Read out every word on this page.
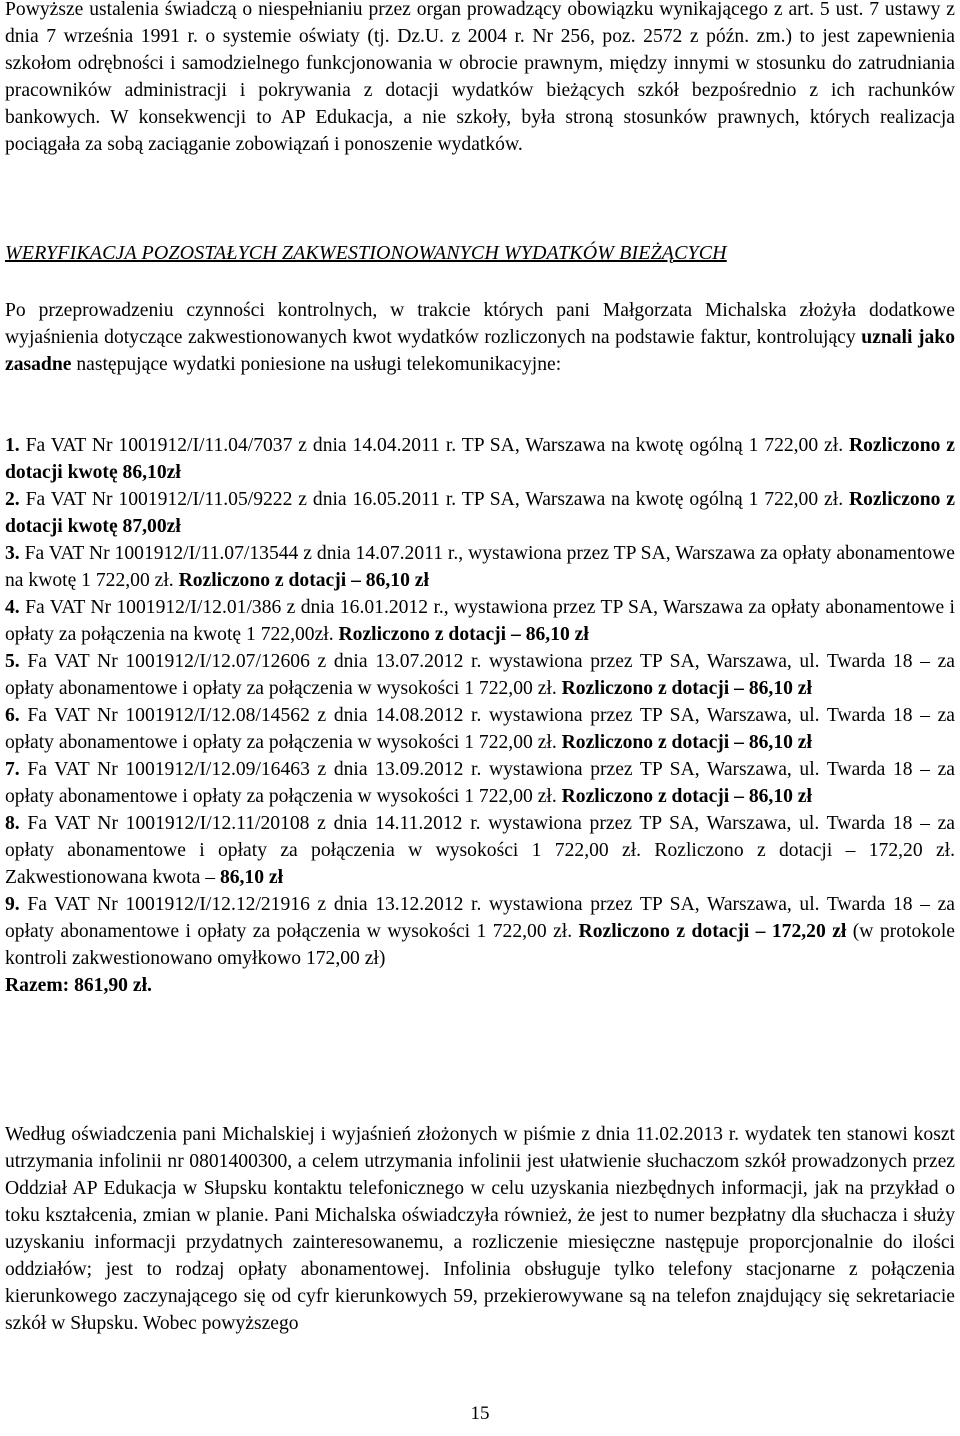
Powyższe ustalenia świadczą o niespełnianiu przez organ prowadzący obowiązku wynikającego z art. 5 ust. 7 ustawy z dnia 7 września 1991 r. o systemie oświaty (tj. Dz.U. z 2004 r. Nr 256, poz. 2572 z późn. zm.) to jest zapewnienia szkołom odrębności i samodzielnego funkcjonowania w obrocie prawnym, między innymi w stosunku do zatrudniania pracowników administracji i pokrywania z dotacji wydatków bieżących szkół bezpośrednio z ich rachunków bankowych. W konsekwencji to AP Edukacja, a nie szkoły, była stroną stosunków prawnych, których realizacja pociągała za sobą zaciąganie zobowiązań i ponoszenie wydatków.

WERYFIKACJA POZOSTAŁYCH ZAKWESTIONOWANYCH WYDATKÓW BIEŻĄCYCH

Po przeprowadzeniu czynności kontrolnych, w trakcie których pani Małgorzata Michalska złożyła dodatkowe wyjaśnienia dotyczące zakwestionowanych kwot wydatków rozliczonych na podstawie faktur, kontrolujący uznali jako zasadne następujące wydatki poniesione na usługi telekomunikacyjne:

1. Fa VAT Nr 1001912/I/11.04/7037 z dnia 14.04.2011 r. TP SA, Warszawa na kwotę ogólną 1 722,00 zł. Rozliczono z dotacji kwotę 86,10zł

2. Fa VAT Nr 1001912/I/11.05/9222 z dnia 16.05.2011 r. TP SA, Warszawa na kwotę ogólną 1 722,00 zł. Rozliczono z dotacji kwotę 87,00zł

3. Fa VAT Nr 1001912/I/11.07/13544 z dnia 14.07.2011 r., wystawiona przez TP SA, Warszawa za opłaty abonamentowe na kwotę 1 722,00 zł. Rozliczono z dotacji – 86,10 zł

4. Fa VAT Nr 1001912/I/12.01/386 z dnia 16.01.2012 r., wystawiona przez TP SA, Warszawa za opłaty abonamentowe i opłaty za połączenia na kwotę 1 722,00zł. Rozliczono z dotacji – 86,10 zł

5. Fa VAT Nr 1001912/I/12.07/12606 z dnia 13.07.2012 r. wystawiona przez TP SA, Warszawa, ul. Twarda 18 – za opłaty abonamentowe i opłaty za połączenia w wysokości 1 722,00 zł. Rozliczono z dotacji – 86,10 zł

6. Fa VAT Nr 1001912/I/12.08/14562 z dnia 14.08.2012 r. wystawiona przez TP SA, Warszawa, ul. Twarda 18 – za opłaty abonamentowe i opłaty za połączenia w wysokości 1 722,00 zł. Rozliczono z dotacji – 86,10 zł

7. Fa VAT Nr 1001912/I/12.09/16463 z dnia 13.09.2012 r. wystawiona przez TP SA, Warszawa, ul. Twarda 18 – za opłaty abonamentowe i opłaty za połączenia w wysokości 1 722,00 zł. Rozliczono z dotacji – 86,10 zł

8. Fa VAT Nr 1001912/I/12.11/20108 z dnia 14.11.2012 r. wystawiona przez TP SA, Warszawa, ul. Twarda 18 – za opłaty abonamentowe i opłaty za połączenia w wysokości 1 722,00 zł. Rozliczono z dotacji – 172,20 zł. Zakwestionowana kwota – 86,10 zł

9. Fa VAT Nr 1001912/I/12.12/21916 z dnia 13.12.2012 r. wystawiona przez TP SA, Warszawa, ul. Twarda 18 – za opłaty abonamentowe i opłaty za połączenia w wysokości 1 722,00 zł. Rozliczono z dotacji – 172,20 zł (w protokole kontroli zakwestionowano omyłkowo 172,00 zł)

Razem: 861,90 zł.

Według oświadczenia pani Michalskiej i wyjaśnień złożonych w piśmie z dnia 11.02.2013 r. wydatek ten stanowi koszt utrzymania infolinii nr 0801400300, a celem utrzymania infolinii jest ułatwienie słuchaczom szkół prowadzonych przez Oddział AP Edukacja w Słupsku kontaktu telefonicznego w celu uzyskania niezbędnych informacji, jak na przykład o toku kształcenia, zmian w planie. Pani Michalska oświadczyła również, że jest to numer bezpłatny dla słuchacza i służy uzyskaniu informacji przydatnych zainteresowanemu, a rozliczenie miesięczne następuje proporcjonalnie do ilości oddziałów; jest to rodzaj opłaty abonamentowej. Infolinia obsługuje tylko telefony stacjonarne z połączenia kierunkowego zaczynającego się od cyfr kierunkowych 59, przekierowywane są na telefon znajdujący się sekretariacie szkół w Słupsku. Wobec powyższego

15
